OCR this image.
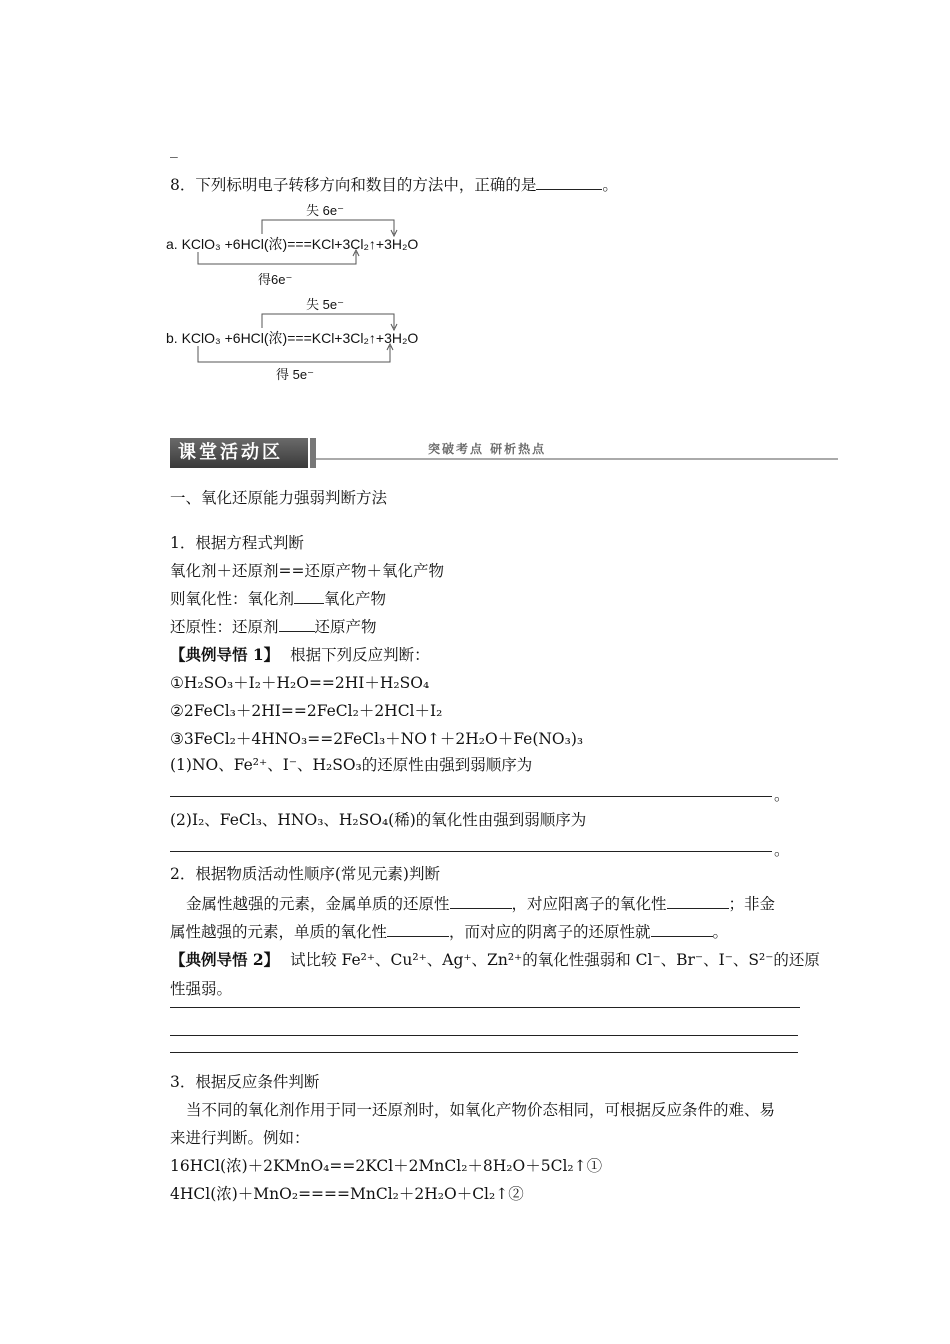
_
8．下列标明电子转移方向和数目的方法中，正确的是	。
失 6e⁻
a. KClO₃ +6HCl(浓)===KCl+3Cl₂↑+3H₂O
得6e⁻
失 5e⁻
b. KClO₃ +6HCl(浓)===KCl+3Cl₂↑+3H₂O
得 5e⁻
课堂活动区	突破考点 研析热点
一、氧化还原能力强弱判断方法
1．根据方程式判断
氧化剂＋还原剂==还原产物＋氧化产物
则氧化性：氧化剂 氧化产物
还原性：还原剂 还原产物
【典例导悟 1】 根据下列反应判断：
①H₂SO₃＋I₂＋H₂O==2HI＋H₂SO₄
②2FeCl₃＋2HI==2FeCl₂＋2HCl＋I₂
③3FeCl₂＋4HNO₃==2FeCl₃＋NO↑＋2H₂O＋Fe(NO₃)₃
(1)NO、Fe²⁺、I⁻、H₂SO₃的还原性由强到弱顺序为
。
(2)I₂、FeCl₃、HNO₃、H₂SO₄(稀)的氧化性由强到弱顺序为
。
2．根据物质活动性顺序(常见元素)判断
金属性越强的元素，金属单质的还原性	，对应阳离子的氧化性	；非金
属性越强的元素，单质的氧化性	，而对应的阴离子的还原性就	。
【典例导悟 2】 试比较 Fe²⁺、Cu²⁺、Ag⁺、Zn²⁺的氧化性强弱和 Cl⁻、Br⁻、I⁻、S²⁻的还原
性强弱。
3．根据反应条件判断
当不同的氧化剂作用于同一还原剂时，如氧化产物价态相同，可根据反应条件的难、易
来进行判断。例如：
16HCl(浓)＋2KMnO₄==2KCl＋2MnCl₂＋8H₂O＋5Cl₂↑①
4HCl(浓)＋MnO₂====MnCl₂＋2H₂O＋Cl₂↑②
